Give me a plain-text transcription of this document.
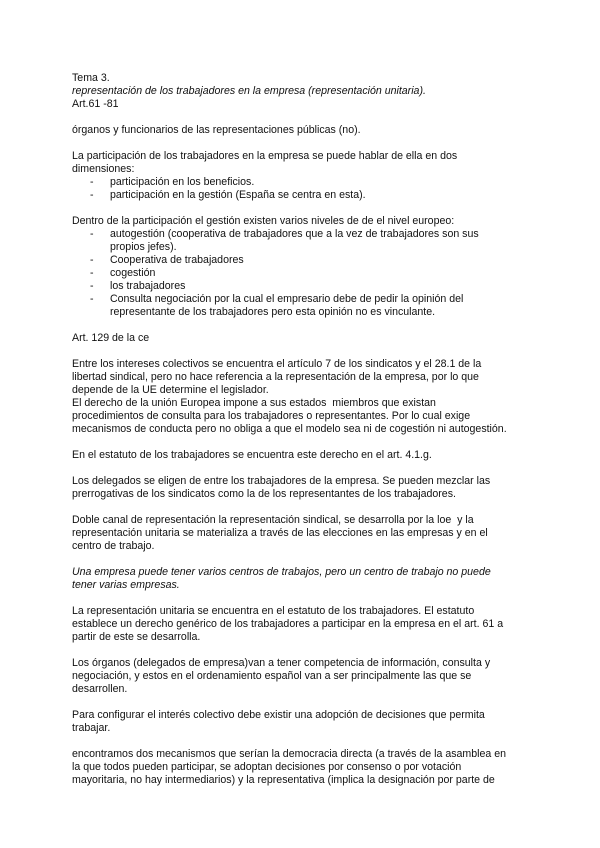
Tema 3.
representación de los trabajadores en la empresa (representación unitaria).
Art.61 -81
órganos y funcionarios de las representaciones públicas (no).
La participación de los trabajadores en la empresa se puede hablar de ella en dos
dimensiones:
- participación en los beneficios.
- participación en la gestión (España se centra en esta).
Dentro de la participación el gestión existen varios niveles de de el nivel europeo:
- autogestión (cooperativa de trabajadores que a la vez de trabajadores son sus
propios jefes).
- Cooperativa de trabajadores
- cogestión
- los trabajadores
- Consulta negociación por la cual el empresario debe de pedir la opinión del
representante de los trabajadores pero esta opinión no es vinculante.
Art. 129 de la ce
Entre los intereses colectivos se encuentra el artículo 7 de los sindicatos y el 28.1 de la
libertad sindical, pero no hace referencia a la representación de la empresa, por lo que
depende de la UE determine el legislador.
El derecho de la unión Europea impone a sus estados  miembros que existan
procedimientos de consulta para los trabajadores o representantes. Por lo cual exige
mecanismos de conducta pero no obliga a que el modelo sea ni de cogestión ni autogestión.
En el estatuto de los trabajadores se encuentra este derecho en el art. 4.1.g.
Los delegados se eligen de entre los trabajadores de la empresa. Se pueden mezclar las
prerrogativas de los sindicatos como la de los representantes de los trabajadores.
Doble canal de representación la representación sindical, se desarrolla por la loe  y la
representación unitaria se materializa a través de las elecciones en las empresas y en el
centro de trabajo.
Una empresa puede tener varios centros de trabajos, pero un centro de trabajo no puede
tener varias empresas.
La representación unitaria se encuentra en el estatuto de los trabajadores. El estatuto
establece un derecho genérico de los trabajadores a participar en la empresa en el art. 61 a
partir de este se desarrolla.
Los órganos (delegados de empresa)van a tener competencia de información, consulta y
negociación, y estos en el ordenamiento español van a ser principalmente las que se
desarrollen.
Para configurar el interés colectivo debe existir una adopción de decisiones que permita
trabajar.
encontramos dos mecanismos que serían la democracia directa (a través de la asamblea en
la que todos pueden participar, se adoptan decisiones por consenso o por votación
mayoritaria, no hay intermediarios) y la representativa (implica la designación por parte de
